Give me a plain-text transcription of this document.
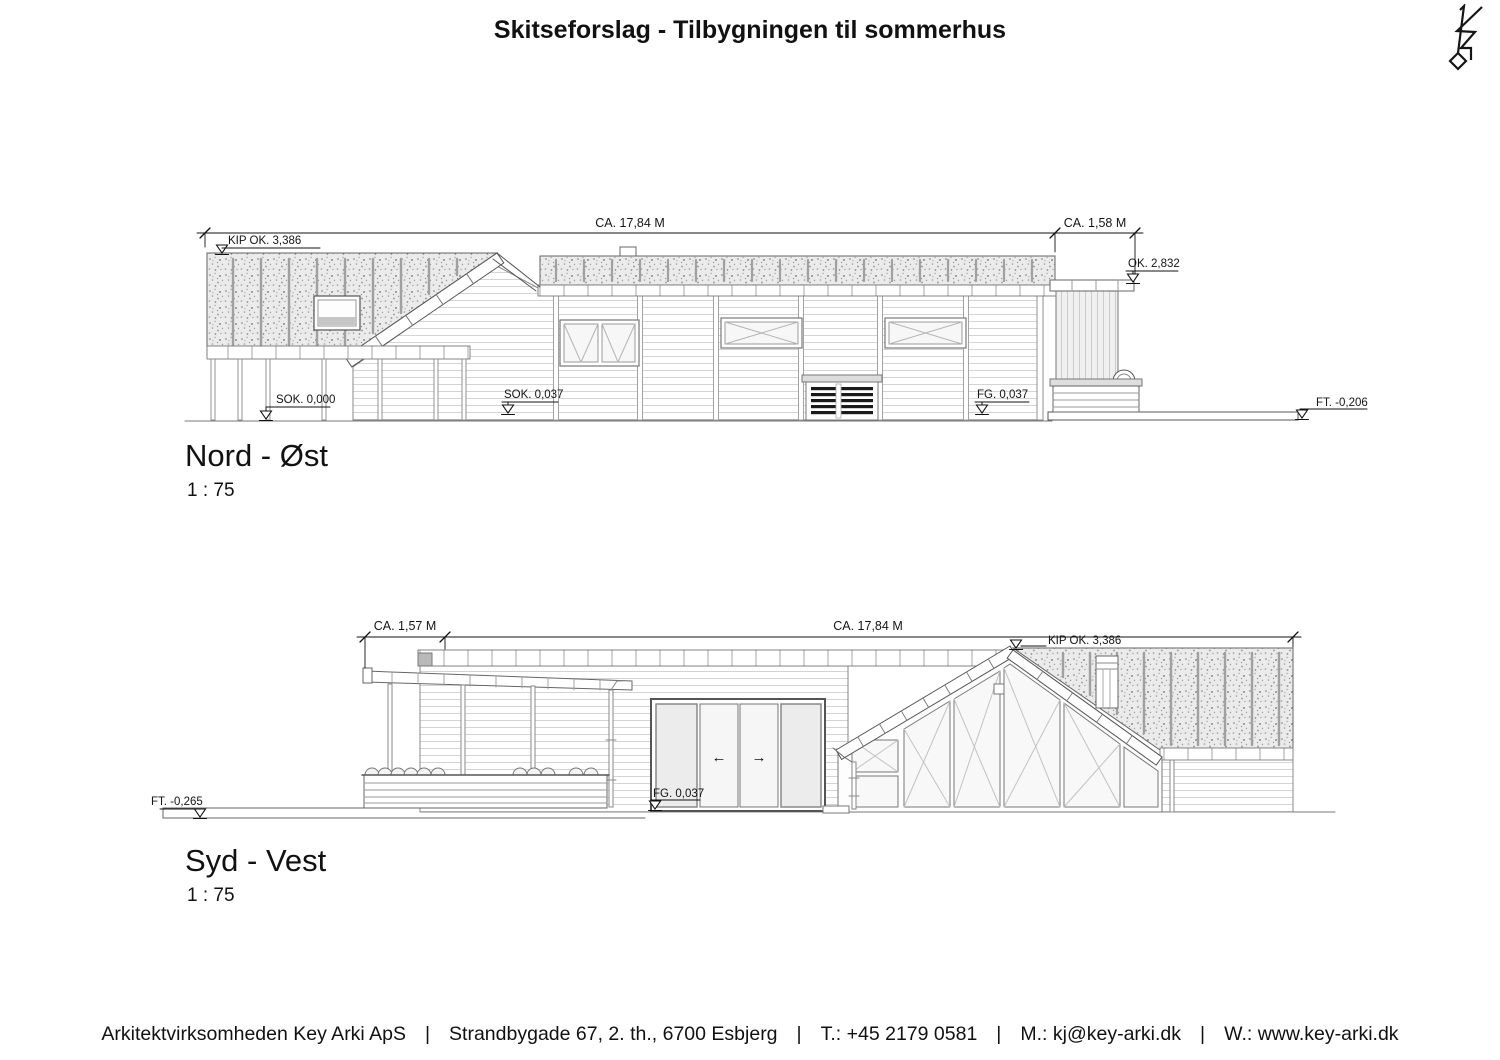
Skitseforslag - Tilbygningen til sommerhus
CA. 17,84 M	CA. 1,58 M
KIP OK. 3,386
OK. 2,832
SOK. 0,000	SOK. 0,037	FG. 0,037
FT. -0,206
← →
CA. 1,57 M	CA. 17,84 M
KIP OK. 3,386
FT. -0,265
FG. 0,037
Nord - Øst
1 : 75
Syd - Vest
1 : 75
Arkitektvirksomheden Key Arki ApS | Strandbygade 67, 2. th., 6700 Esbjerg | T.: +45 2179 0581 | M.: kj@key-arki.dk | W.: www.key-arki.dk
